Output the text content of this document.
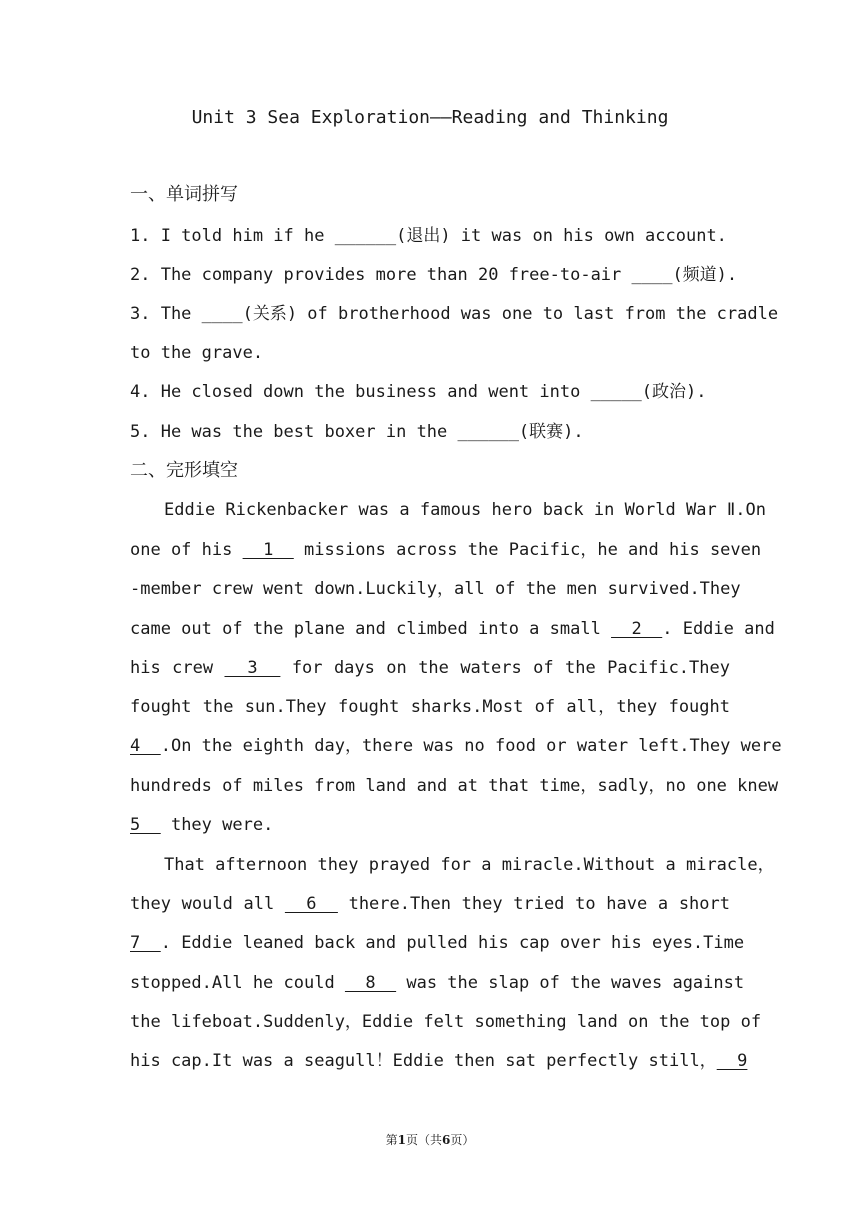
Unit 3 Sea Exploration——Reading and Thinking
一、单词拼写
1. I told him if he ______(退出) it was on his own account.
2. The company provides more than 20 free-to-air ____(频道).
3. The ____(关系) of brotherhood was one to last from the cradle
to the grave.
4. He closed down the business and went into _____(政治).
5. He was the best boxer in the ______(联赛).
二、完形填空
Eddie Rickenbacker was a famous hero back in World War Ⅱ.On
one of his   1   missions across the Pacific，he and his seven
-member crew went down.Luckily，all of the men survived.They
came out of the plane and climbed into a small   2  . Eddie and
his crew   3   for days on the waters of the Pacific.They
fought the sun.They fought sharks.Most of all，they fought
4  .On the eighth day，there was no food or water left.They were
hundreds of miles from land and at that time，sadly，no one knew
5   they were.
That afternoon they prayed for a miracle.Without a miracle，
they would all   6   there.Then they tried to have a short
7  . Eddie leaned back and pulled his cap over his eyes.Time
stopped.All he could   8   was the slap of the waves against
the lifeboat.Suddenly，Eddie felt something land on the top of
his cap.It was a seagull！Eddie then sat perfectly still，  9
第1页（共6页）
